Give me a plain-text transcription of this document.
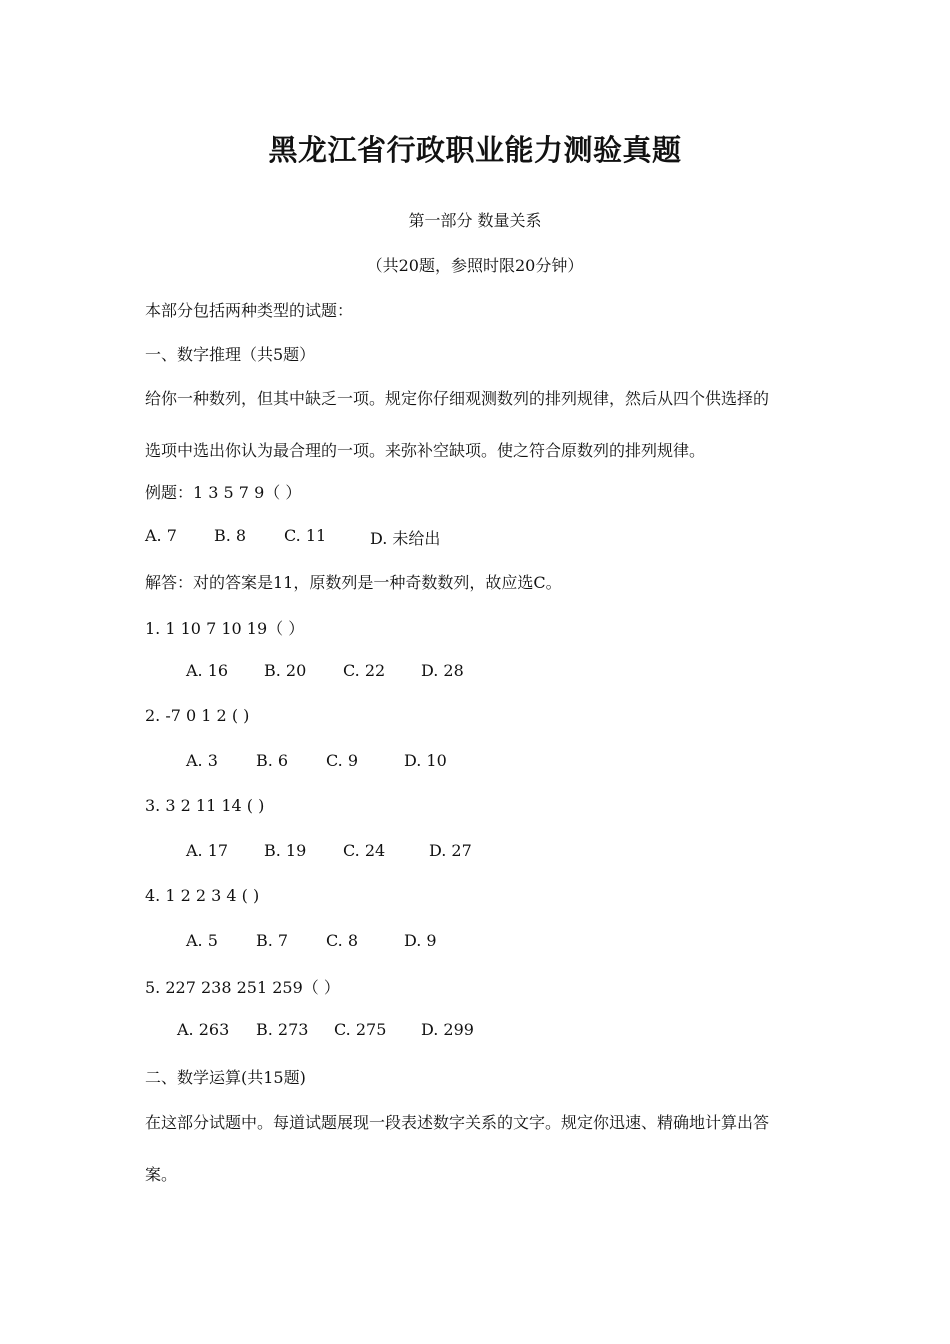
黑龙江省行政职业能力测验真题
第一部分 数量关系
（共20题，参照时限20分钟）
本部分包括两种类型的试题：
一、数字推理（共5题）
给你一种数列，但其中缺乏一项。规定你仔细观测数列的排列规律，然后从四个供选择的
选项中选出你认为最合理的一项。来弥补空缺项。使之符合原数列的排列规律。
例题：1 3 5 7 9（ ）
A. 7 B. 8 C. 11	D. 未给出
解答：对的答案是11，原数列是一种奇数数列，故应选C。
1. 1 10 7 10 19（ ）
A. 16 B. 20 C. 22 D. 28
2. -7 0 1 2 ( )
A. 3 B. 6 C. 9	D. 10
3. 3 2 11 14 ( )
A. 17 B. 19 C. 24	D. 27
4. 1 2 2 3 4 ( )
A. 5 B. 7 C. 8	D. 9
5. 227 238 251 259（ ）
A. 263 B. 273 C. 275 D. 299
二、数学运算(共15题)
在这部分试题中。每道试题展现一段表述数字关系的文字。规定你迅速、精确地计算出答
案。
